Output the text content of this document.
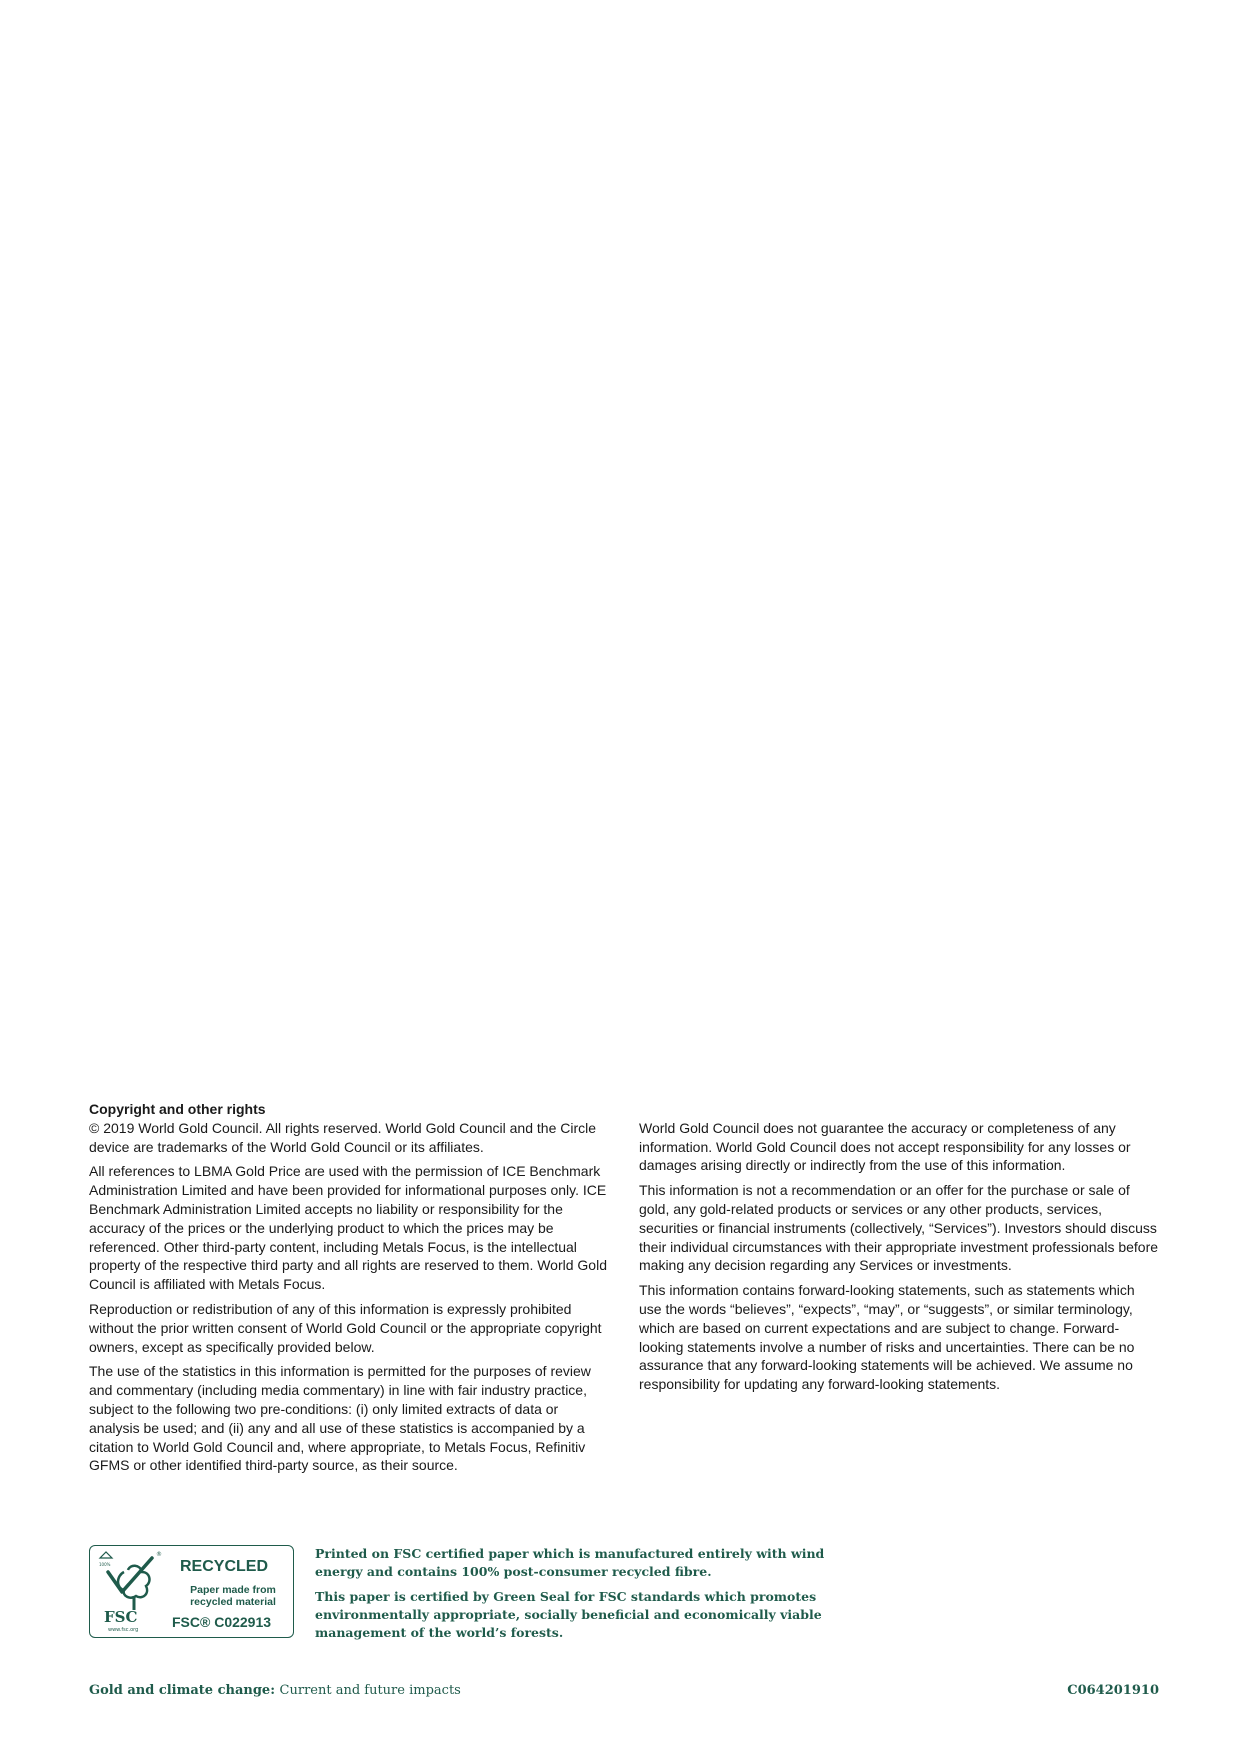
Copyright and other rights

© 2019 World Gold Council. All rights reserved. World Gold Council and the Circle device are trademarks of the World Gold Council or its affiliates.

All references to LBMA Gold Price are used with the permission of ICE Benchmark Administration Limited and have been provided for informational purposes only. ICE Benchmark Administration Limited accepts no liability or responsibility for the accuracy of the prices or the underlying product to which the prices may be referenced. Other third-party content, including Metals Focus, is the intellectual property of the respective third party and all rights are reserved to them. World Gold Council is affiliated with Metals Focus.

Reproduction or redistribution of any of this information is expressly prohibited without the prior written consent of World Gold Council or the appropriate copyright owners, except as specifically provided below.

The use of the statistics in this information is permitted for the purposes of review and commentary (including media commentary) in line with fair industry practice, subject to the following two pre-conditions: (i) only limited extracts of data or analysis be used; and (ii) any and all use of these statistics is accompanied by a citation to World Gold Council and, where appropriate, to Metals Focus, Refinitiv GFMS or other identified third-party source, as their source.

World Gold Council does not guarantee the accuracy or completeness of any information. World Gold Council does not accept responsibility for any losses or damages arising directly or indirectly from the use of this information.

This information is not a recommendation or an offer for the purchase or sale of gold, any gold-related products or services or any other products, services, securities or financial instruments (collectively, “Services”). Investors should discuss their individual circumstances with their appropriate investment professionals before making any decision regarding any Services or investments.

This information contains forward-looking statements, such as statements which use the words “believes”, “expects”, “may”, or “suggests”, or similar terminology, which are based on current expectations and are subject to change. Forward-looking statements involve a number of risks and uncertainties. There can be no assurance that any forward-looking statements will be achieved. We assume no responsibility for updating any forward-looking statements.

100%
®
FSC
www.fsc.org
RECYCLED
Paper made from
recycled material
FSC® C022913

Printed on FSC certified paper which is manufactured entirely with wind energy and contains 100% post-consumer recycled fibre.

This paper is certified by Green Seal for FSC standards which promotes environmentally appropriate, socially beneficial and economically viable management of the world’s forests.

Gold and climate change: Current and future impacts	C064201910
